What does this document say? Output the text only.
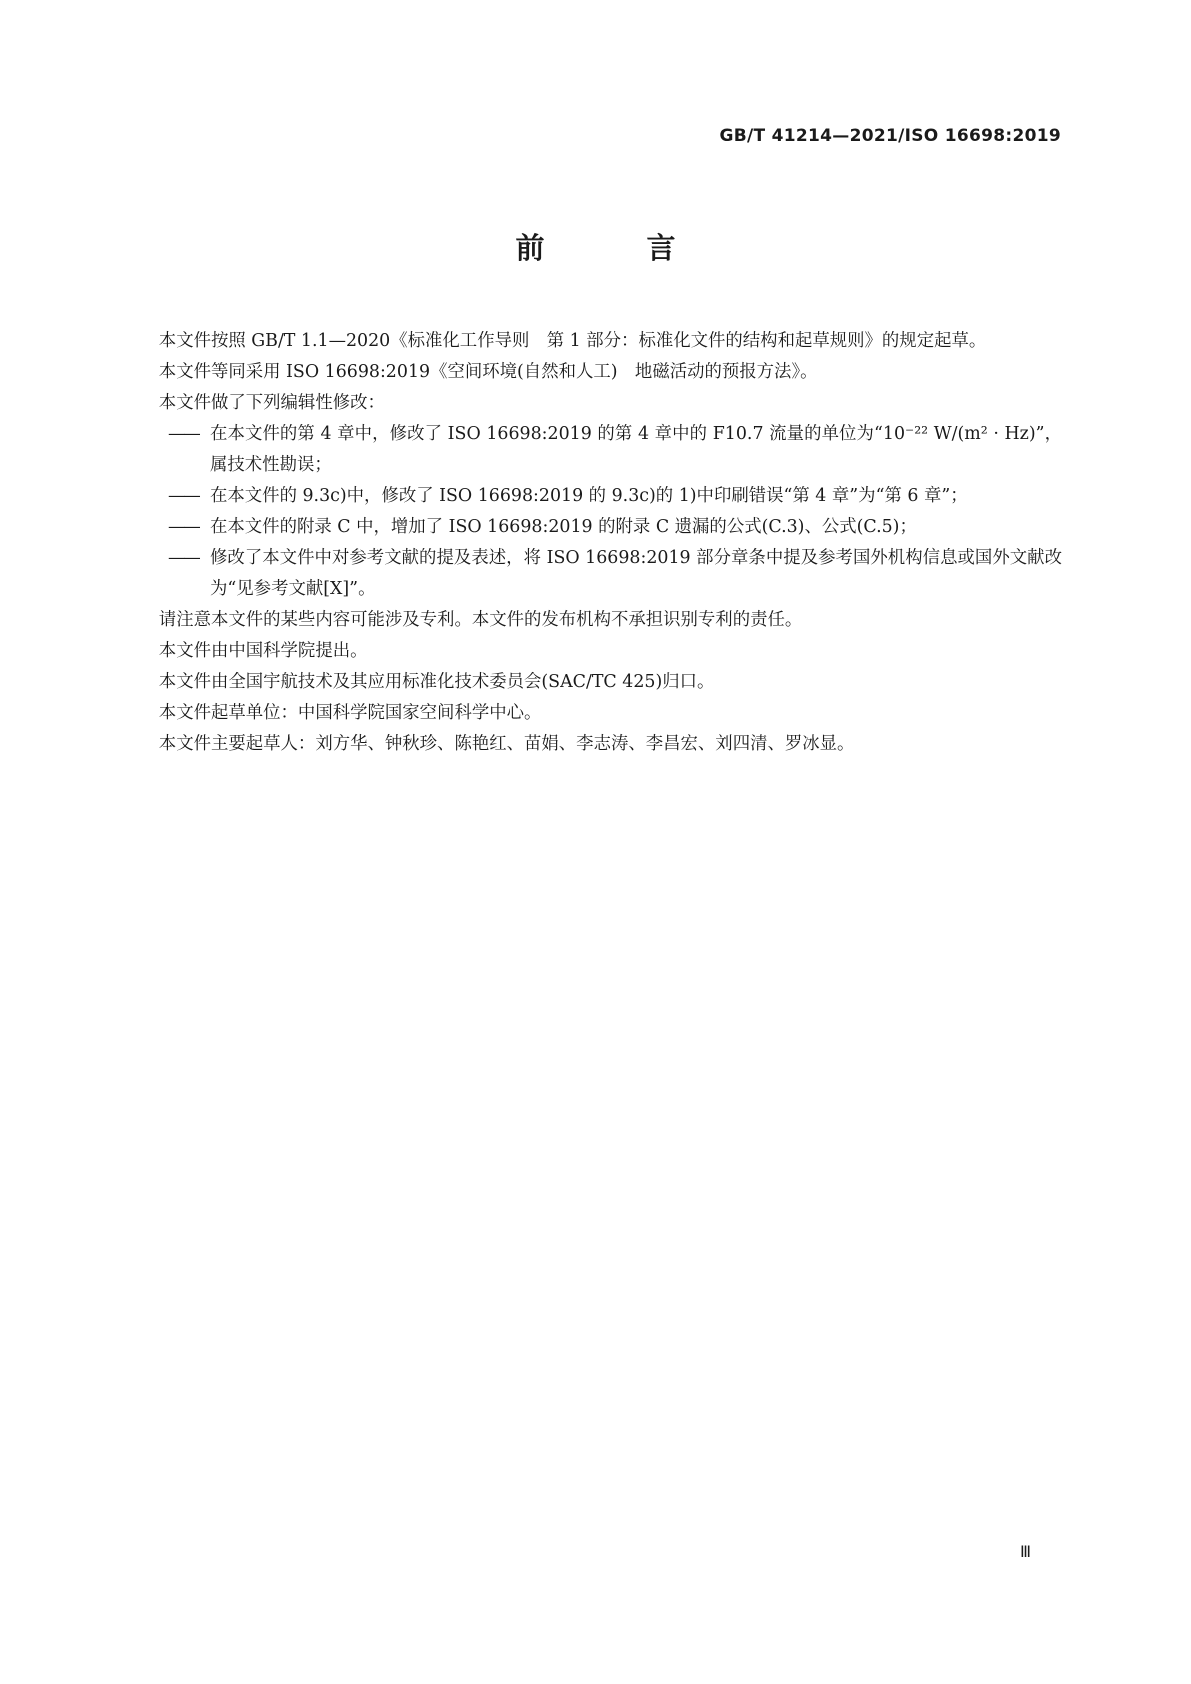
GB/T 41214—2021/ISO 16698:2019
前 言

本文件按照 GB/T 1.1—2020《标准化工作导则　第 1 部分：标准化文件的结构和起草规则》的规定起草。

本文件等同采用 ISO 16698:2019《空间环境(自然和人工)　地磁活动的预报方法》。

本文件做了下列编辑性修改：

—— 在本文件的第 4 章中，修改了 ISO 16698:2019 的第 4 章中的 F10.7 流量的单位为“10⁻²² W/(m² · Hz)”，属技术性勘误；

—— 在本文件的 9.3c)中，修改了 ISO 16698:2019 的 9.3c)的 1)中印刷错误“第 4 章”为“第 6 章”；

—— 在本文件的附录 C 中，增加了 ISO 16698:2019 的附录 C 遗漏的公式(C.3)、公式(C.5)；

—— 修改了本文件中对参考文献的提及表述，将 ISO 16698:2019 部分章条中提及参考国外机构信息或国外文献改为“见参考文献[X]”。

请注意本文件的某些内容可能涉及专利。本文件的发布机构不承担识别专利的责任。

本文件由中国科学院提出。

本文件由全国宇航技术及其应用标准化技术委员会(SAC/TC 425)归口。

本文件起草单位：中国科学院国家空间科学中心。

本文件主要起草人：刘方华、钟秋珍、陈艳红、苗娟、李志涛、李昌宏、刘四清、罗冰显。

Ⅲ
